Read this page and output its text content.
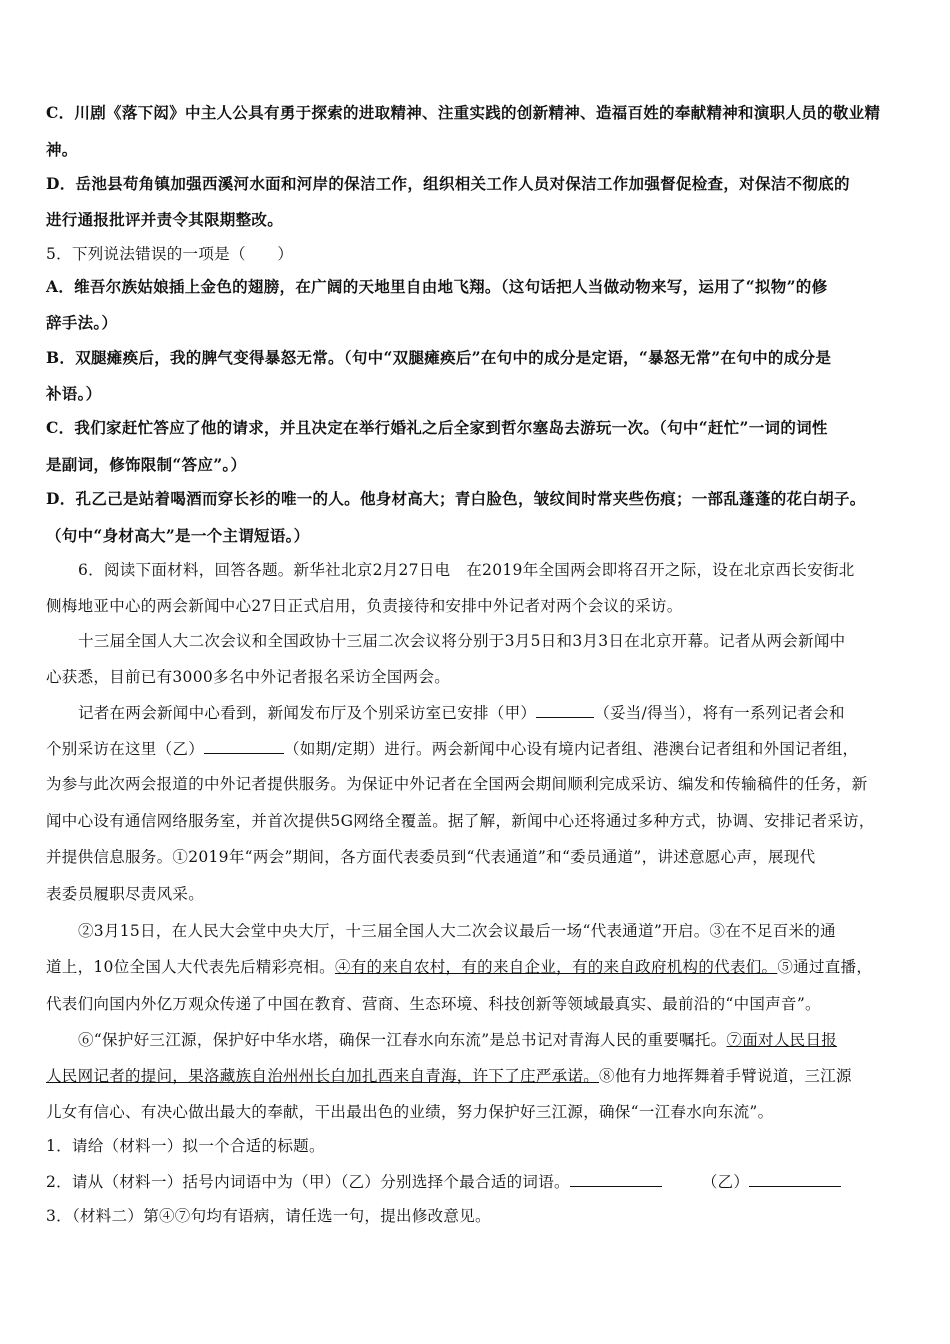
C．川剧《落下闳》中主人公具有勇于探索的进取精神、注重实践的创新精神、造福百姓的奉献精神和演职人员的敬业精
神。
D．岳池县苟角镇加强西溪河水面和河岸的保洁工作，组织相关工作人员对保洁工作加强督促检查，对保洁不彻底的
进行通报批评并责令其限期整改。
5．下列说法错误的一项是（　　）
A．维吾尔族姑娘插上金色的翅膀，在广阔的天地里自由地飞翔。（这句话把人当做动物来写，运用了“拟物”的修
辞手法。）
B．双腿瘫痪后，我的脾气变得暴怒无常。（句中“双腿瘫痪后”在句中的成分是定语，“暴怒无常”在句中的成分是
补语。）
C．我们家赶忙答应了他的请求，并且决定在举行婚礼之后全家到哲尔塞岛去游玩一次。（句中“赶忙”一词的词性
是副词，修饰限制“答应”。）
D．孔乙己是站着喝酒而穿长衫的唯一的人。他身材高大；青白脸色，皱纹间时常夹些伤痕；一部乱蓬蓬的花白胡子。
（句中“身材高大”是一个主谓短语。）
6．阅读下面材料，回答各题。新华社北京2月27日电　在2019年全国两会即将召开之际，设在北京西长安街北
侧梅地亚中心的两会新闻中心27日正式启用，负责接待和安排中外记者对两个会议的采访。
十三届全国人大二次会议和全国政协十三届二次会议将分别于3月5日和3月3日在北京开幕。记者从两会新闻中
心获悉，目前已有3000多名中外记者报名采访全国两会。
记者在两会新闻中心看到，新闻发布厅及个别采访室已安排（甲）	（妥当/得当），将有一系列记者会和
个别采访在这里（乙）	（如期/定期）进行。两会新闻中心设有境内记者组、港澳台记者组和外国记者组，
为参与此次两会报道的中外记者提供服务。为保证中外记者在全国两会期间顺利完成采访、编发和传输稿件的任务，新
闻中心设有通信网络服务室，并首次提供5G网络全覆盖。据了解，新闻中心还将通过多种方式，协调、安排记者采访，
并提供信息服务。①2019年“两会”期间，各方面代表委员到“代表通道”和“委员通道”，讲述意愿心声，展现代
表委员履职尽责风采。
②3月15日，在人民大会堂中央大厅，十三届全国人大二次会议最后一场“代表通道”开启。③在不足百米的通
道上，10位全国人大代表先后精彩亮相。④有的来自农村，有的来自企业，有的来自政府机构的代表们。⑤通过直播，
代表们向国内外亿万观众传递了中国在教育、营商、生态环境、科技创新等领域最真实、最前沿的“中国声音”。
⑥“保护好三江源，保护好中华水塔，确保一江春水向东流”是总书记对青海人民的重要嘱托。⑦面对人民日报
人民网记者的提问，果洛藏族自治州州长白加扎西来自青海，许下了庄严承诺。⑧他有力地挥舞着手臂说道，三江源
儿女有信心、有决心做出最大的奉献，干出最出色的业绩，努力保护好三江源，确保“一江春水向东流”。
1．请给（材料一）拟一个合适的标题。
2．请从（材料一）括号内词语中为（甲）（乙）分别选择个最合适的词语。	（乙）
3．（材料二）第④⑦句均有语病，请任选一句，提出修改意见。
